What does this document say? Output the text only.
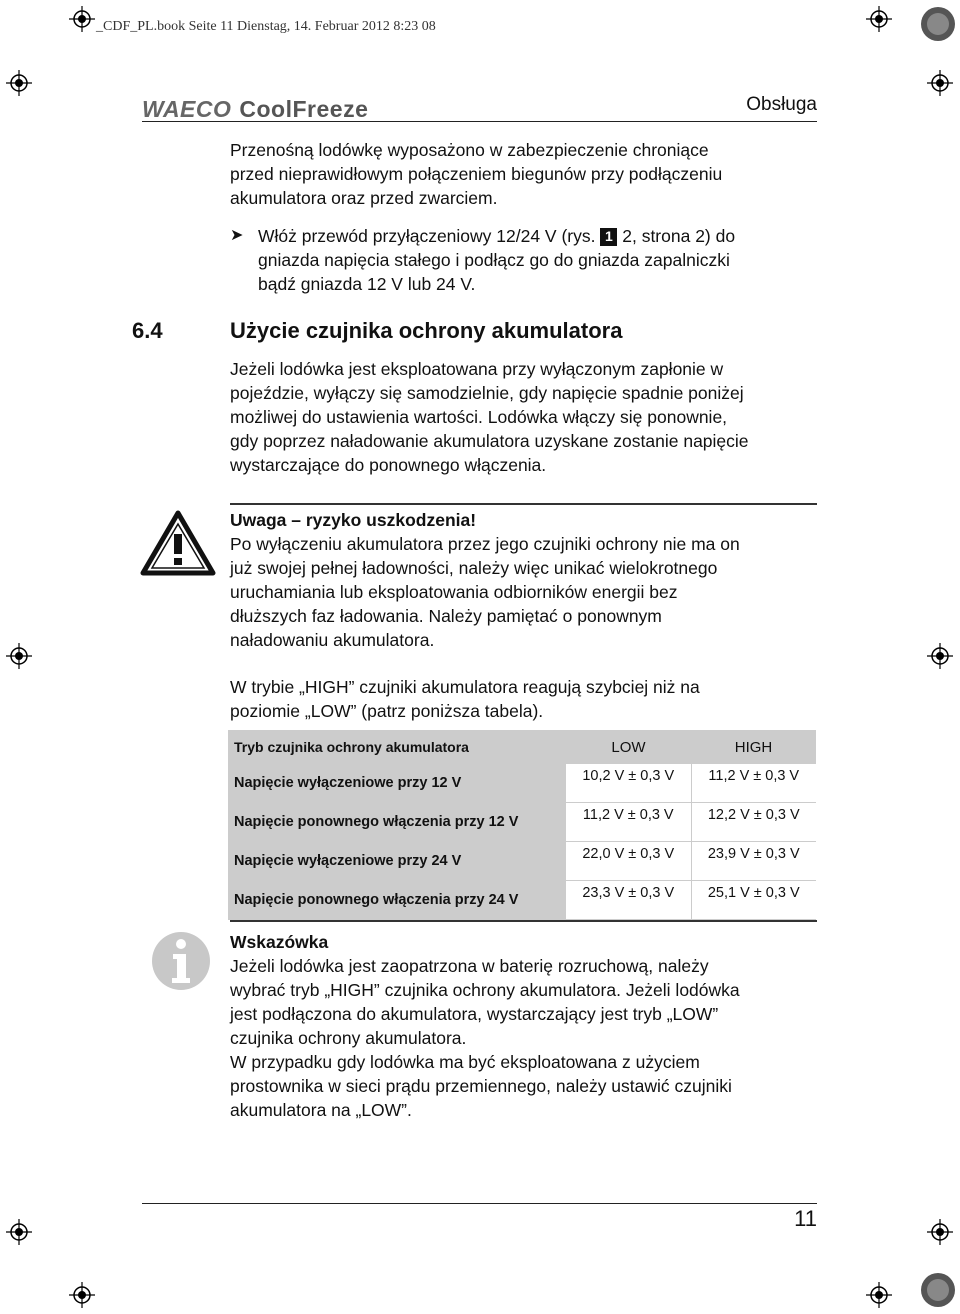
_CDF_PL.book Seite 11 Dienstag, 14. Februar 2012 8:23 08
WAECO CoolFreeze	Obsługa

Przenośną lodówkę wyposażono w zabezpieczenie chroniące

przed nieprawidłowym połączeniem biegunów przy podłączeniu

akumulatora oraz przed zwarciem.

➤ Włóż przewód przyłączeniowy 12/24 V (rys. 1 2, strona 2) do
gniazda napięcia stałego i podłącz go do gniazda zapalniczki
bądź gniazda 12 V lub 24 V.
6.4	Użycie czujnika ochrony akumulatora

Jeżeli lodówka jest eksploatowana przy wyłączonym zapłonie w

pojeździe, wyłączy się samodzielnie, gdy napięcie spadnie poniżej

możliwej do ustawienia wartości. Lodówka włączy się ponownie,

gdy poprzez naładowanie akumulatora uzyskane zostanie napięcie

wystarczające do ponownego włączenia.

Uwaga – ryzyko uszkodzenia!

Po wyłączeniu akumulatora przez jego czujniki ochrony nie ma on

już swojej pełnej ładowności, należy więc unikać wielokrotnego

uruchamiania lub eksploatowania odbiorników energii bez

dłuższych faz ładowania. Należy pamiętać o ponownym

naładowaniu akumulatora.

W trybie „HIGH” czujniki akumulatora reagują szybciej niż na

poziomie „LOW” (patrz poniższa tabela).

Tryb czujnika ochrony akumulatora	LOW	HIGH
Napięcie wyłączeniowe przy 12 V	10,2 V ± 0,3 V	11,2 V ± 0,3 V
Napięcie ponownego włączenia przy 12 V	11,2 V ± 0,3 V	12,2 V ± 0,3 V
Napięcie wyłączeniowe przy 24 V	22,0 V ± 0,3 V	23,9 V ± 0,3 V
Napięcie ponownego włączenia przy 24 V	23,3 V ± 0,3 V	25,1 V ± 0,3 V

Wskazówka

Jeżeli lodówka jest zaopatrzona w baterię rozruchową, należy

wybrać tryb „HIGH” czujnika ochrony akumulatora. Jeżeli lodówka

jest podłączona do akumulatora, wystarczający jest tryb „LOW”

czujnika ochrony akumulatora.

W przypadku gdy lodówka ma być eksploatowana z użyciem

prostownika w sieci prądu przemiennego, należy ustawić czujniki

akumulatora na „LOW”.

11
